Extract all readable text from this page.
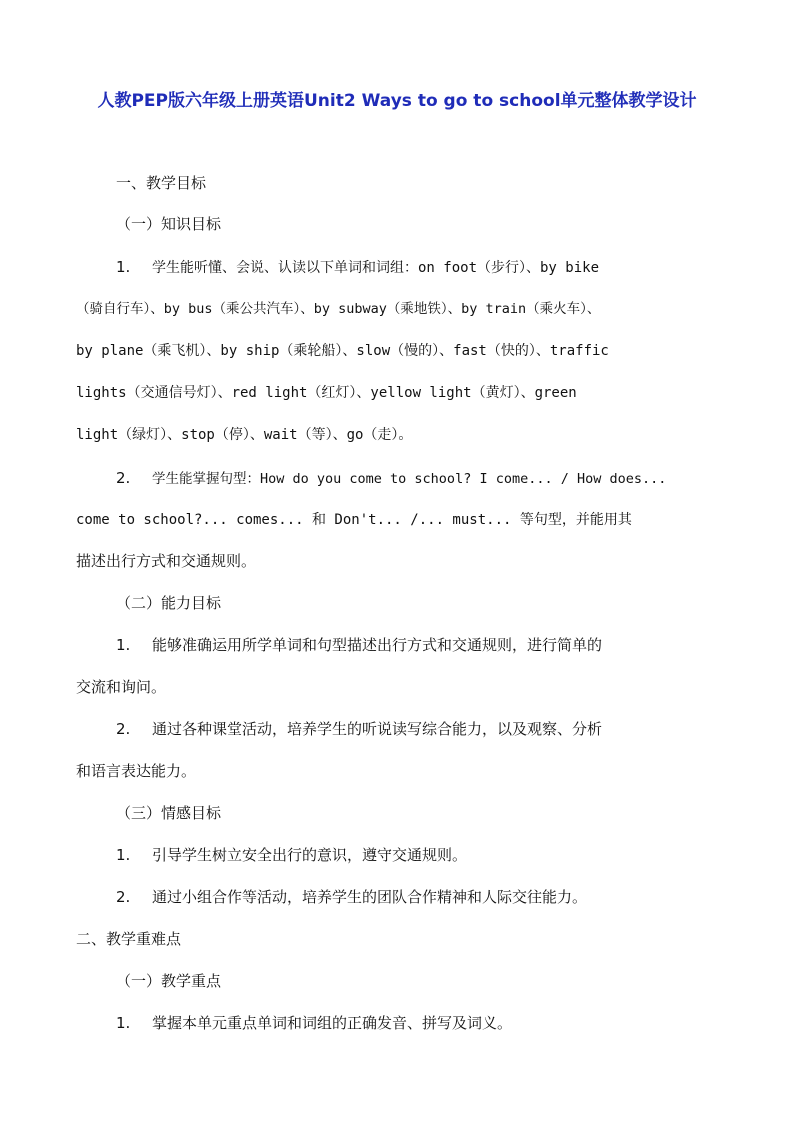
人教PEP版六年级上册英语Unit2 Ways to go to school单元整体教学设计
一、教学目标
（一）知识目标
1. 学生能听懂、会说、认读以下单词和词组：on foot（步行）、by bike
（骑自行车）、by bus（乘公共汽车）、by subway（乘地铁）、by train（乘火车）、
by plane（乘飞机）、by ship（乘轮船）、slow（慢的）、fast（快的）、traffic
lights（交通信号灯）、red light（红灯）、yellow light（黄灯）、green
light（绿灯）、stop（停）、wait（等）、go（走）。
2. 学生能掌握句型：How do you come to school? I come... / How does...
come to school?... comes... 和 Don't... /... must... 等句型，并能用其
描述出行方式和交通规则。
（二）能力目标
1. 能够准确运用所学单词和句型描述出行方式和交通规则，进行简单的
交流和询问。
2. 通过各种课堂活动，培养学生的听说读写综合能力，以及观察、分析
和语言表达能力。
（三）情感目标
1. 引导学生树立安全出行的意识，遵守交通规则。
2. 通过小组合作等活动，培养学生的团队合作精神和人际交往能力。
二、教学重难点
（一）教学重点
1. 掌握本单元重点单词和词组的正确发音、拼写及词义。
